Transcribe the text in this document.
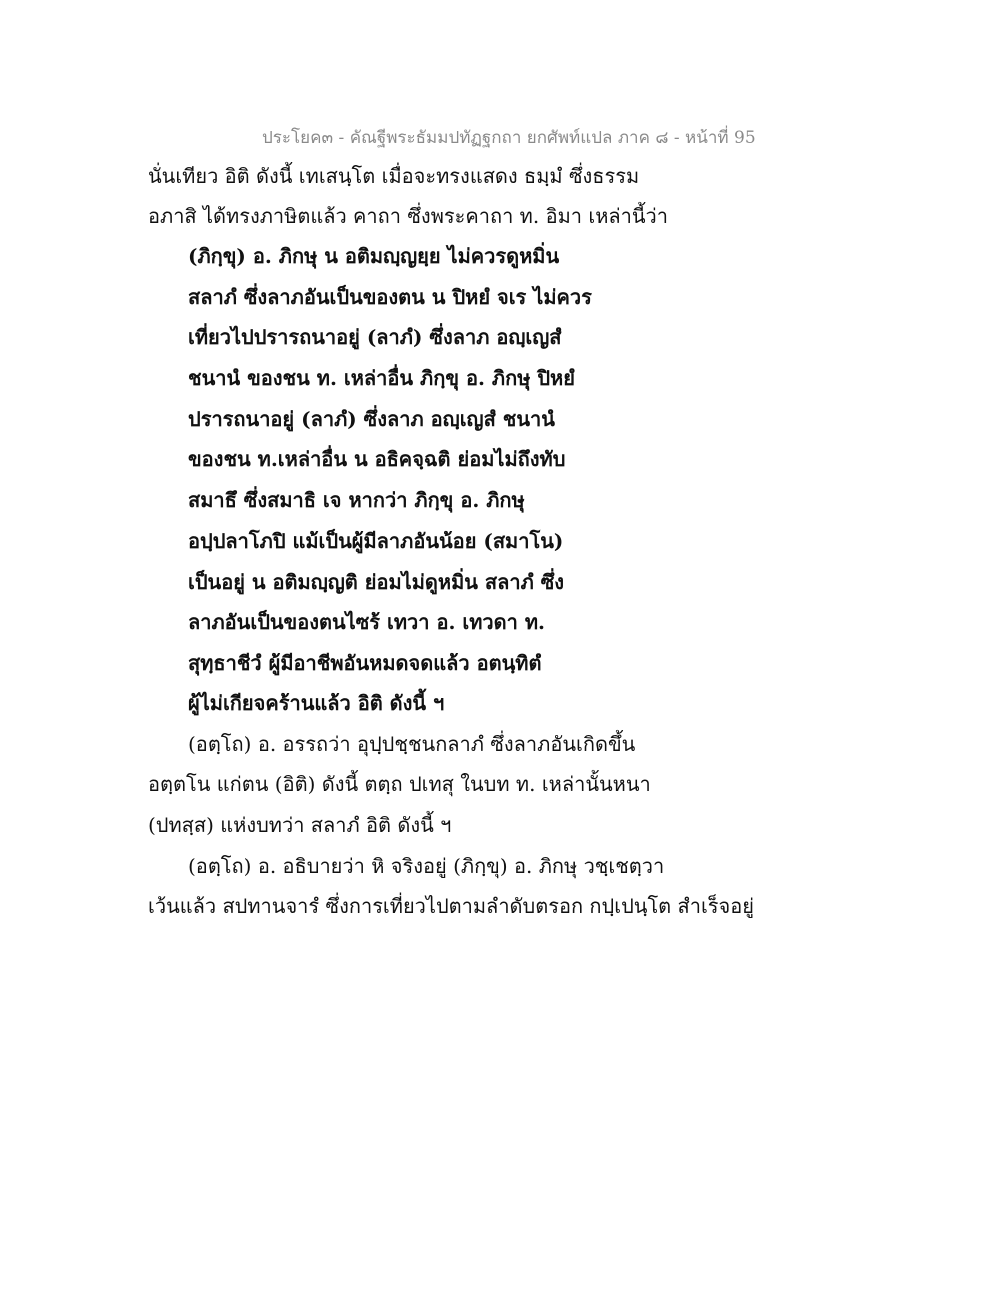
ประโยค๓ - คัณฐีพระธัมมปทัฏฐกถา ยกศัพท์แปล ภาค ๘ - หน้าที่ 95
นั่นเทียว อิติ ดังนี้ เทเสนฺโต เมื่อจะทรงแสดง ธมฺมํ ซึ่งธรรม
อภาสิ ได้ทรงภาษิตแล้ว คาถา ซึ่งพระคาถา ท. อิมา เหล่านี้ว่า
(ภิกฺขุ) อ. ภิกษุ น อติมญฺญยฺย ไม่ควรดูหมิ่น
สลาภํ ซึ่งลาภอันเป็นของตน น ปิหยํ จเร ไม่ควร
เที่ยวไปปรารถนาอยู่ (ลาภํ) ซึ่งลาภ อญฺเญสํ
ชนานํ ของชน ท. เหล่าอื่น ภิกฺขุ อ. ภิกษุ ปิหยํ
ปรารถนาอยู่ (ลาภํ) ซึ่งลาภ อญฺเญสํ ชนานํ
ของชน ท.เหล่าอื่น น อธิคจฺฉติ ย่อมไม่ถึงทับ
สมาธึ ซึ่งสมาธิ เจ หากว่า ภิกฺขุ อ. ภิกษุ
อปฺปลาโภปิ แม้เป็นผู้มีลาภอันน้อย (สมาโน)
เป็นอยู่ น อติมญฺญติ ย่อมไม่ดูหมิ่น สลาภํ ซึ่ง
ลาภอันเป็นของตนไซร้ เทวา อ. เทวดา ท.
สุทฺธาชีวํ ผู้มีอาชีพอันหมดจดแล้ว อตนฺทิตํ
ผู้ไม่เกียจคร้านแล้ว อิติ ดังนี้ ฯ
(อตฺโถ) อ. อรรถว่า อุปฺปชฺชนกลาภํ ซึ่งลาภอันเกิดขึ้น
อตฺตโน แก่ตน (อิติ) ดังนี้ ตตฺถ ปเทสุ ในบท ท. เหล่านั้นหนา
(ปทสฺส) แห่งบทว่า สลาภํ อิติ ดังนี้ ฯ
(อตฺโถ) อ. อธิบายว่า หิ จริงอยู่ (ภิกฺขุ) อ. ภิกษุ วชฺเชตฺวา
เว้นแล้ว สปทานจารํ ซึ่งการเที่ยวไปตามลำดับตรอก กปฺเปนฺโต สำเร็จอยู่
